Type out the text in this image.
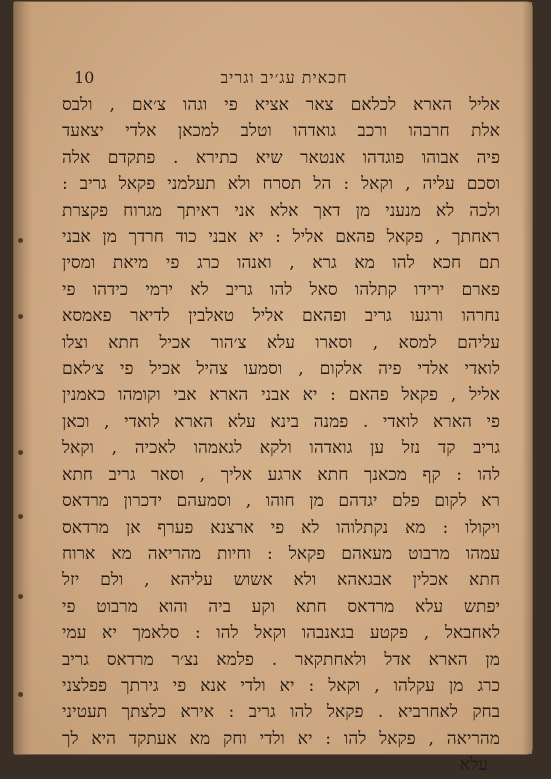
חכאית עג׳יב וגריב
10
אליל הארא לכלאם צאר אציא פי וגהו צ׳אם , ולבס
אלת חרבהו ורכב גואדהו וטלב למכאן אלדי יצאעד
פיה אבוהו פוגדהו אנטאר שיא כתירא . פתקדם אלה
וסכם עליה , וקאל : הל תסרח ולא תעלמני פקאל גריב :
ולכה לא מנעני מן דאך אלא אני ראיתך מגרוח פקצרת
ראחתך , פקאל פהאם אליל : יא אבני כוד חרדך מן אבני
תם חכא להו מא גרא , ואנהו כרג פי מיאת ומסין
פארם ירידו קתלהו סאל להו גריב לא ירמי כידהו פי
נחרהו ורגעו גריב ופהאם אליל טאלבין לדיאר פאמסא
עליהם למסא , וסארו עלא צ׳הור אכיל חתא וצלו
לואדי אלדי פיה אלקום , וסמעו צהיל אכיל פי צ׳לאם
אליל , פקאל פהאם : יא אבני הארא אבי וקומהו כאמנין
פי הארא לואדי . פמנה בינא עלא הארא לואדי , וכאן
גריב קד נזל ען גואדהו ולקא לגאמהו לאכיה , וקאל
להו : קף מכאנך חתא ארגע אליך , וסאר גריב חתא
רא לקום פלם יגדהם מן חוהו , וסמעהם ידכרון מרדאס
ויקולו : מא נקתלוהו לא פי ארצנא פערף אן מרדאס
עמהו מרבוט מעאהם פקאל : וחיות מהריאה מא ארוח
חתא אכלין אבגאהא ולא אשוש עליהא , ולם יזל
יפתש עלא מרדאס חתא וקע ביה והוא מרבוט פי
לאחבאל , פקטע בגאנבהו וקאל להו : סלאמך יא עמי
מן הארא אדל ולאחתקאר . פלמא נצ׳ר מרדאס גריב
כרג מן עקלהו , וקאל : יא ולדי אנא פי גירתך פפלצני
בחק לאחרביא . פקאל להו גריב : אירא כלצתך תעטיני
מהריאה , פקאל להו : יא ולדי וחק מא אעתקד היא לך
עלא
